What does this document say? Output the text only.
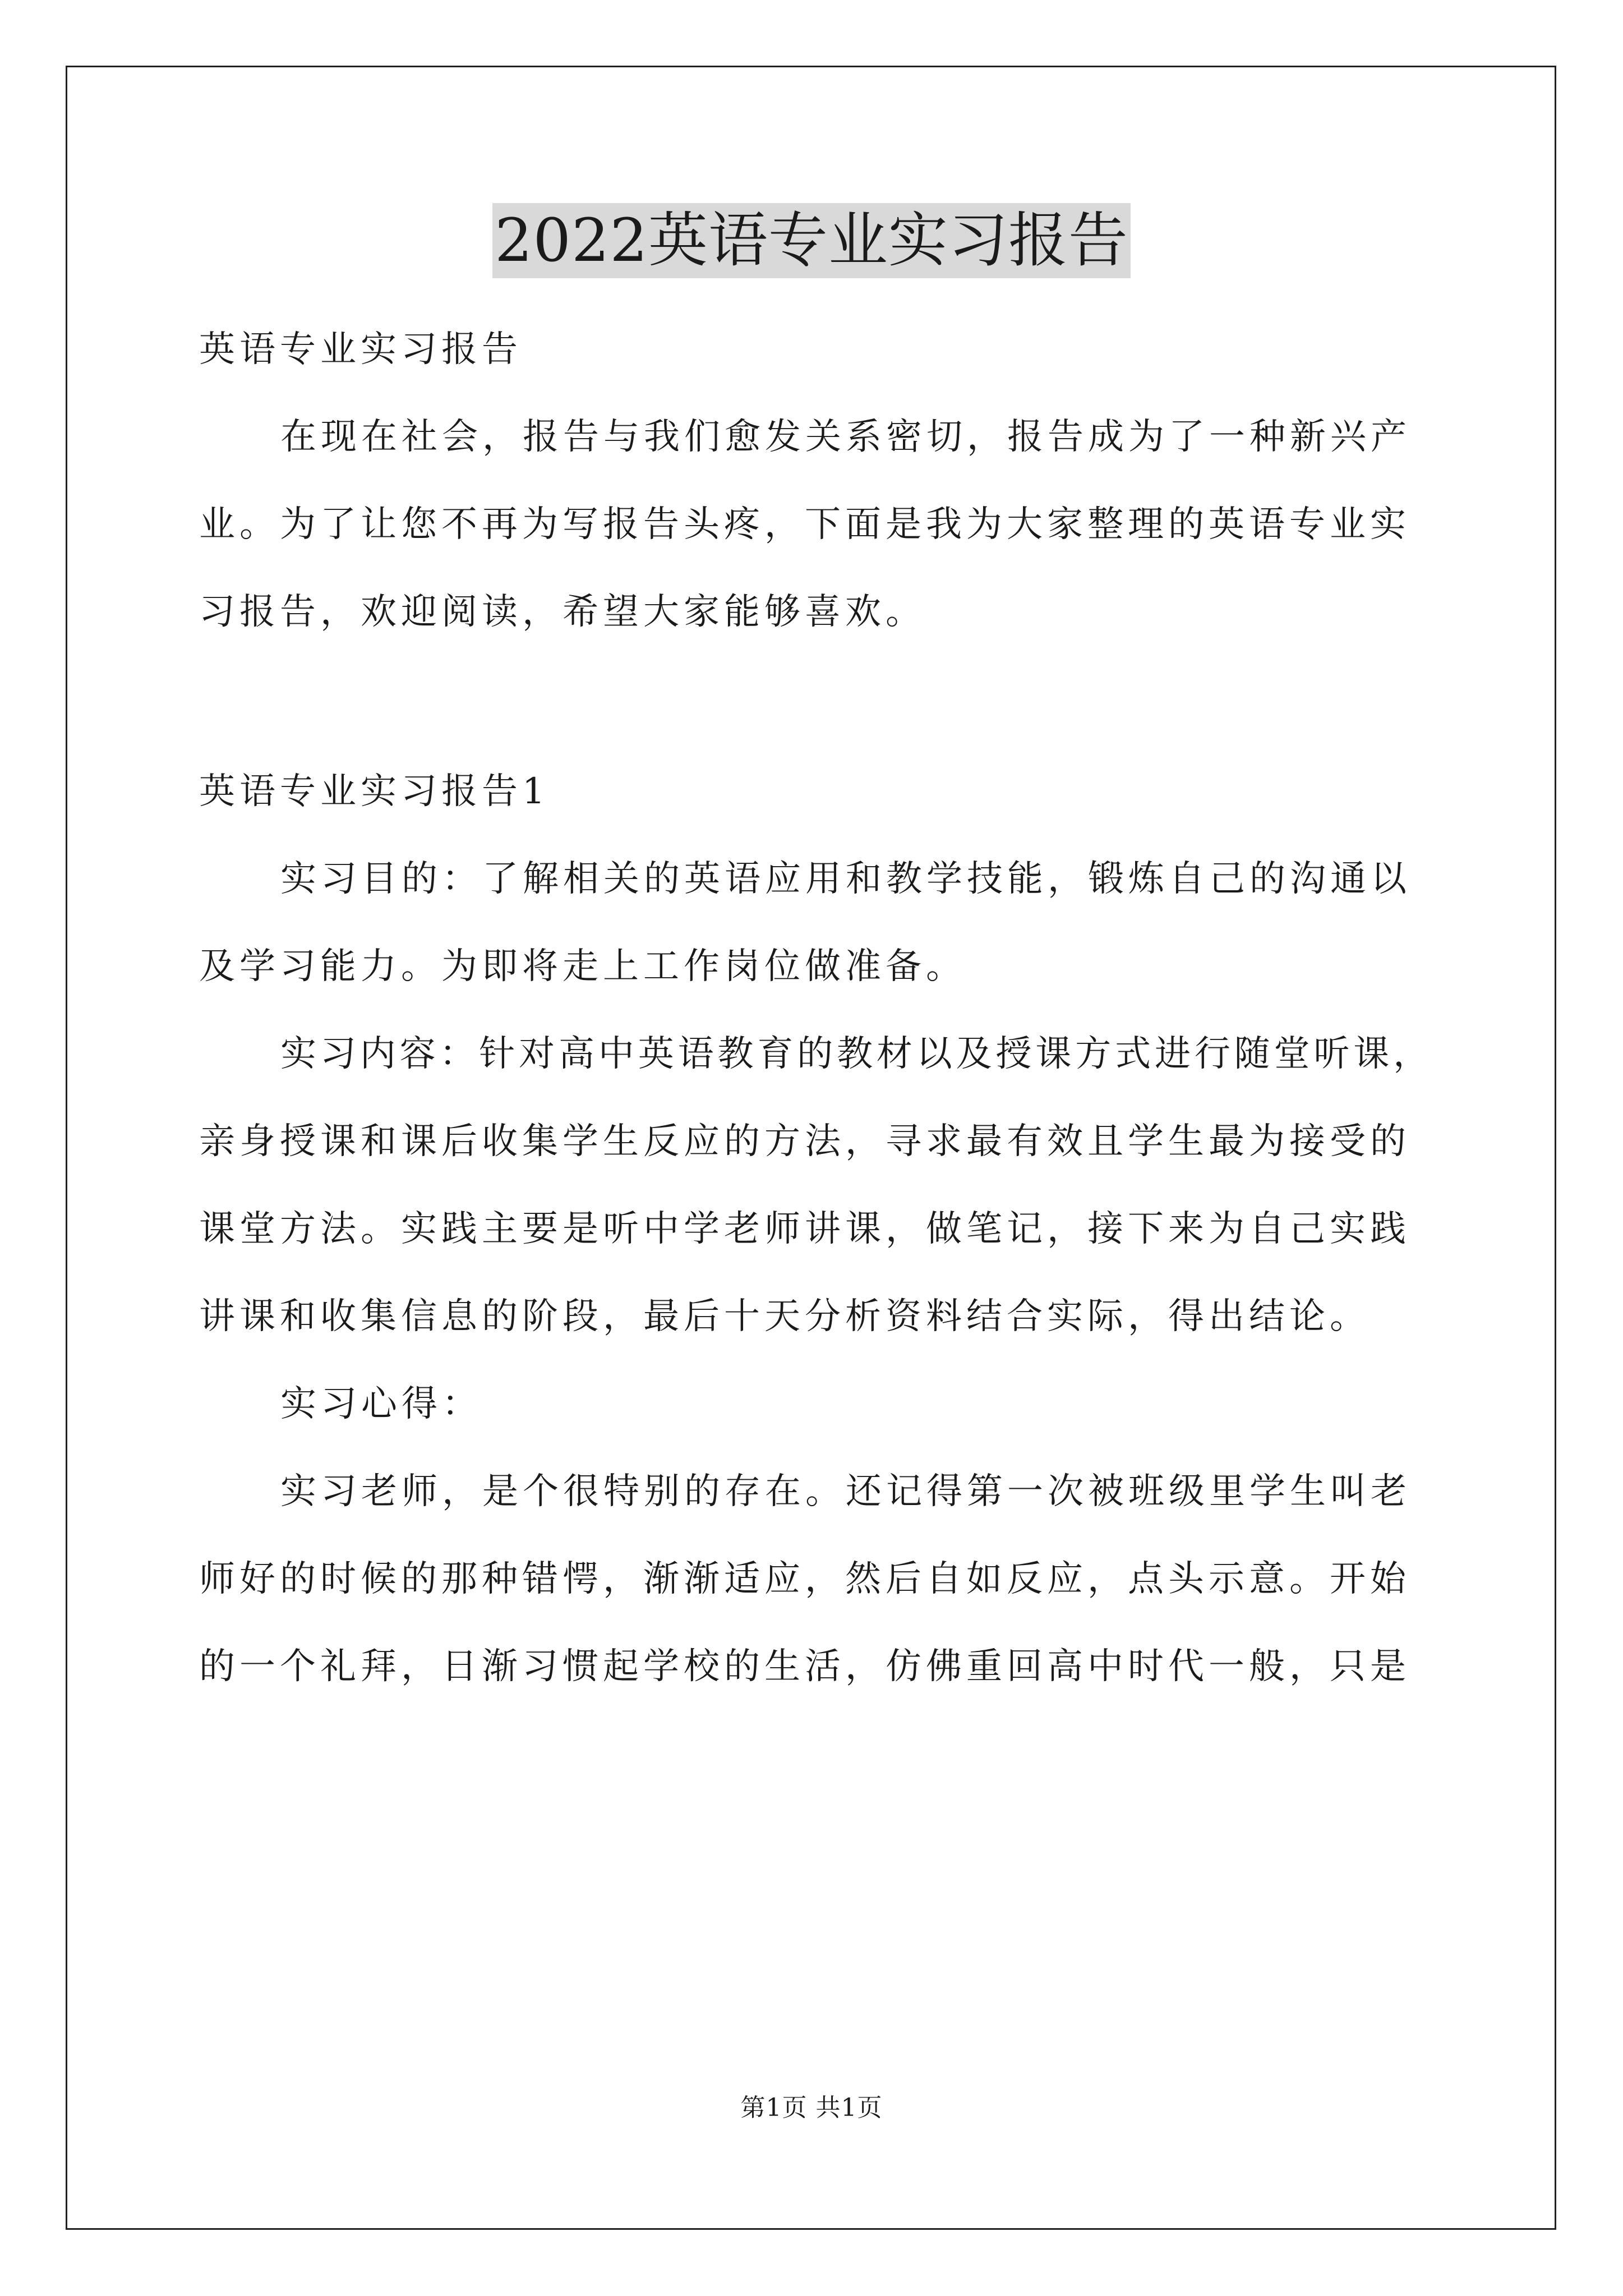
2022英语专业实习报告
英语专业实习报告
在现在社会，报告与我们愈发关系密切，报告成为了一种新兴产
业。为了让您不再为写报告头疼，下面是我为大家整理的英语专业实
习报告，欢迎阅读，希望大家能够喜欢。
英语专业实习报告1
实习目的：了解相关的英语应用和教学技能，锻炼自己的沟通以
及学习能力。为即将走上工作岗位做准备。
实习内容：针对高中英语教育的教材以及授课方式进行随堂听课，
亲身授课和课后收集学生反应的方法，寻求最有效且学生最为接受的
课堂方法。实践主要是听中学老师讲课，做笔记，接下来为自己实践
讲课和收集信息的阶段，最后十天分析资料结合实际，得出结论。
实习心得：
实习老师，是个很特别的存在。还记得第一次被班级里学生叫老
师好的时候的那种错愕，渐渐适应，然后自如反应，点头示意。开始
的一个礼拜，日渐习惯起学校的生活，仿佛重回高中时代一般，只是
第1页 共1页
